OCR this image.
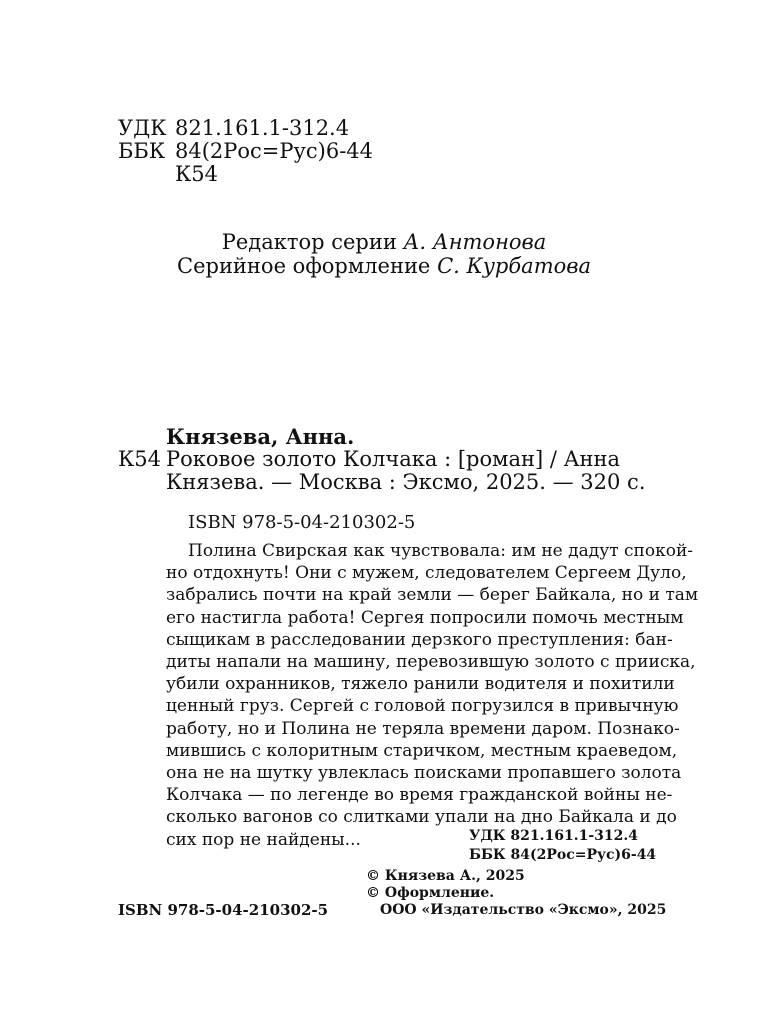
УДК 821.161.1-312.4
ББК 84(2Рос=Рус)6-44
К54
Редактор серии А. Антонова
Серийное оформление С. Курбатова
Князева, Анна.
К54 Роковое золото Колчака : [роман] / Анна
Князева. — Москва : Эксмо, 2025. — 320 с.
ISBN 978-5-04-210302-5
Полина Свирская как чувствовала: им не дадут спокой-
но отдохнуть! Они с мужем, следователем Сергеем Дуло,
забрались почти на край земли — берег Байкала, но и там
его настигла работа! Сергея попросили помочь местным
сыщикам в расследовании дерзкого преступления: бан-
диты напали на машину, перевозившую золото с прииска,
убили охранников, тяжело ранили водителя и похитили
ценный груз. Сергей с головой погрузился в привычную
работу, но и Полина не теряла времени даром. Познако-
мившись с колоритным старичком, местным краеведом,
она не на шутку увлеклась поисками пропавшего золота
Колчака — по легенде во время гражданской войны не-
сколько вагонов со слитками упали на дно Байкала и до
сих пор не найдены...	УДК 821.161.1-312.4
ББК 84(2Рос=Рус)6-44
© Князева А., 2025
© Оформление.
ООО «Издательство «Эксмо», 2025
ISBN 978-5-04-210302-5
